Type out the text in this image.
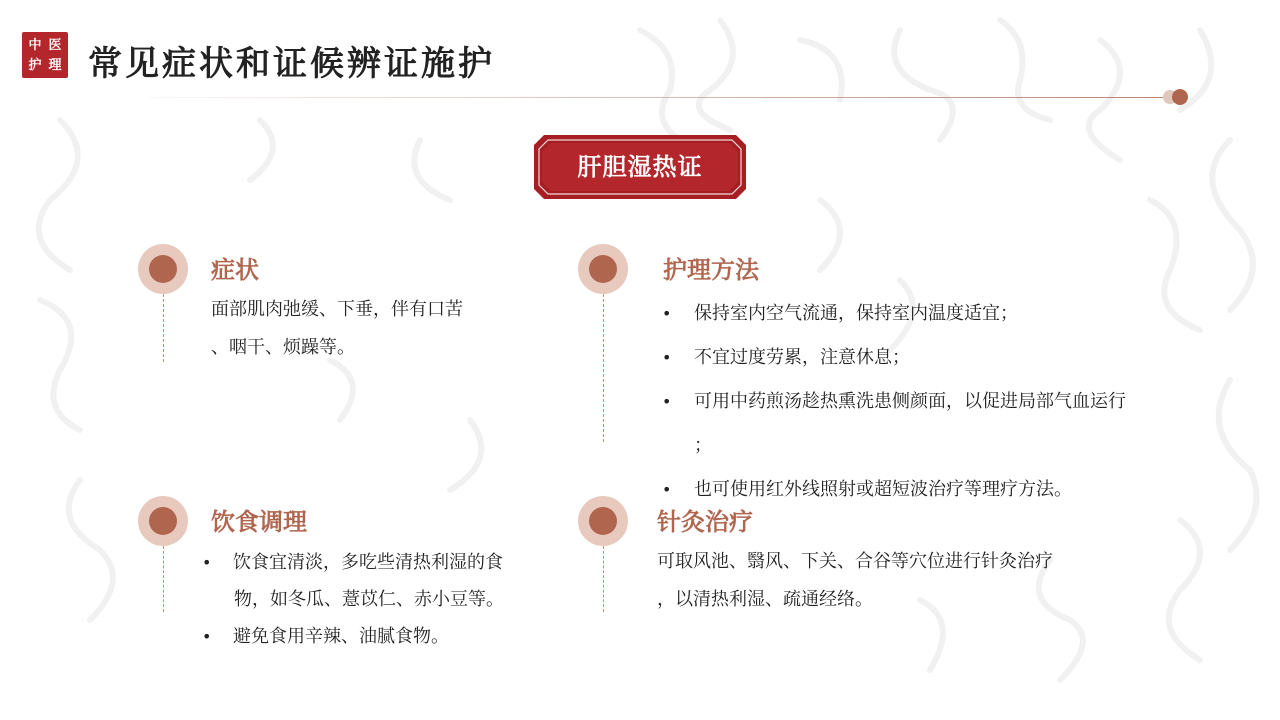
中 医
护 理 常见症状和证候辨证施护
肝胆湿热证
症状
面部肌肉弛缓、下垂，伴有口苦
、咽干、烦躁等。
护理方法
• 保持室内空气流通，保持室内温度适宜；
• 不宜过度劳累，注意休息；
• 可用中药煎汤趁热熏洗患侧颜面，以促进局部气血运行
；
• 也可使用红外线照射或超短波治疗等理疗方法。
饮食调理
• 饮食宜清淡，多吃些清热利湿的食
物，如冬瓜、薏苡仁、赤小豆等。
• 避免食用辛辣、油腻食物。
针灸治疗
可取风池、翳风、下关、合谷等穴位进行针灸治疗
，以清热利湿、疏通经络。
